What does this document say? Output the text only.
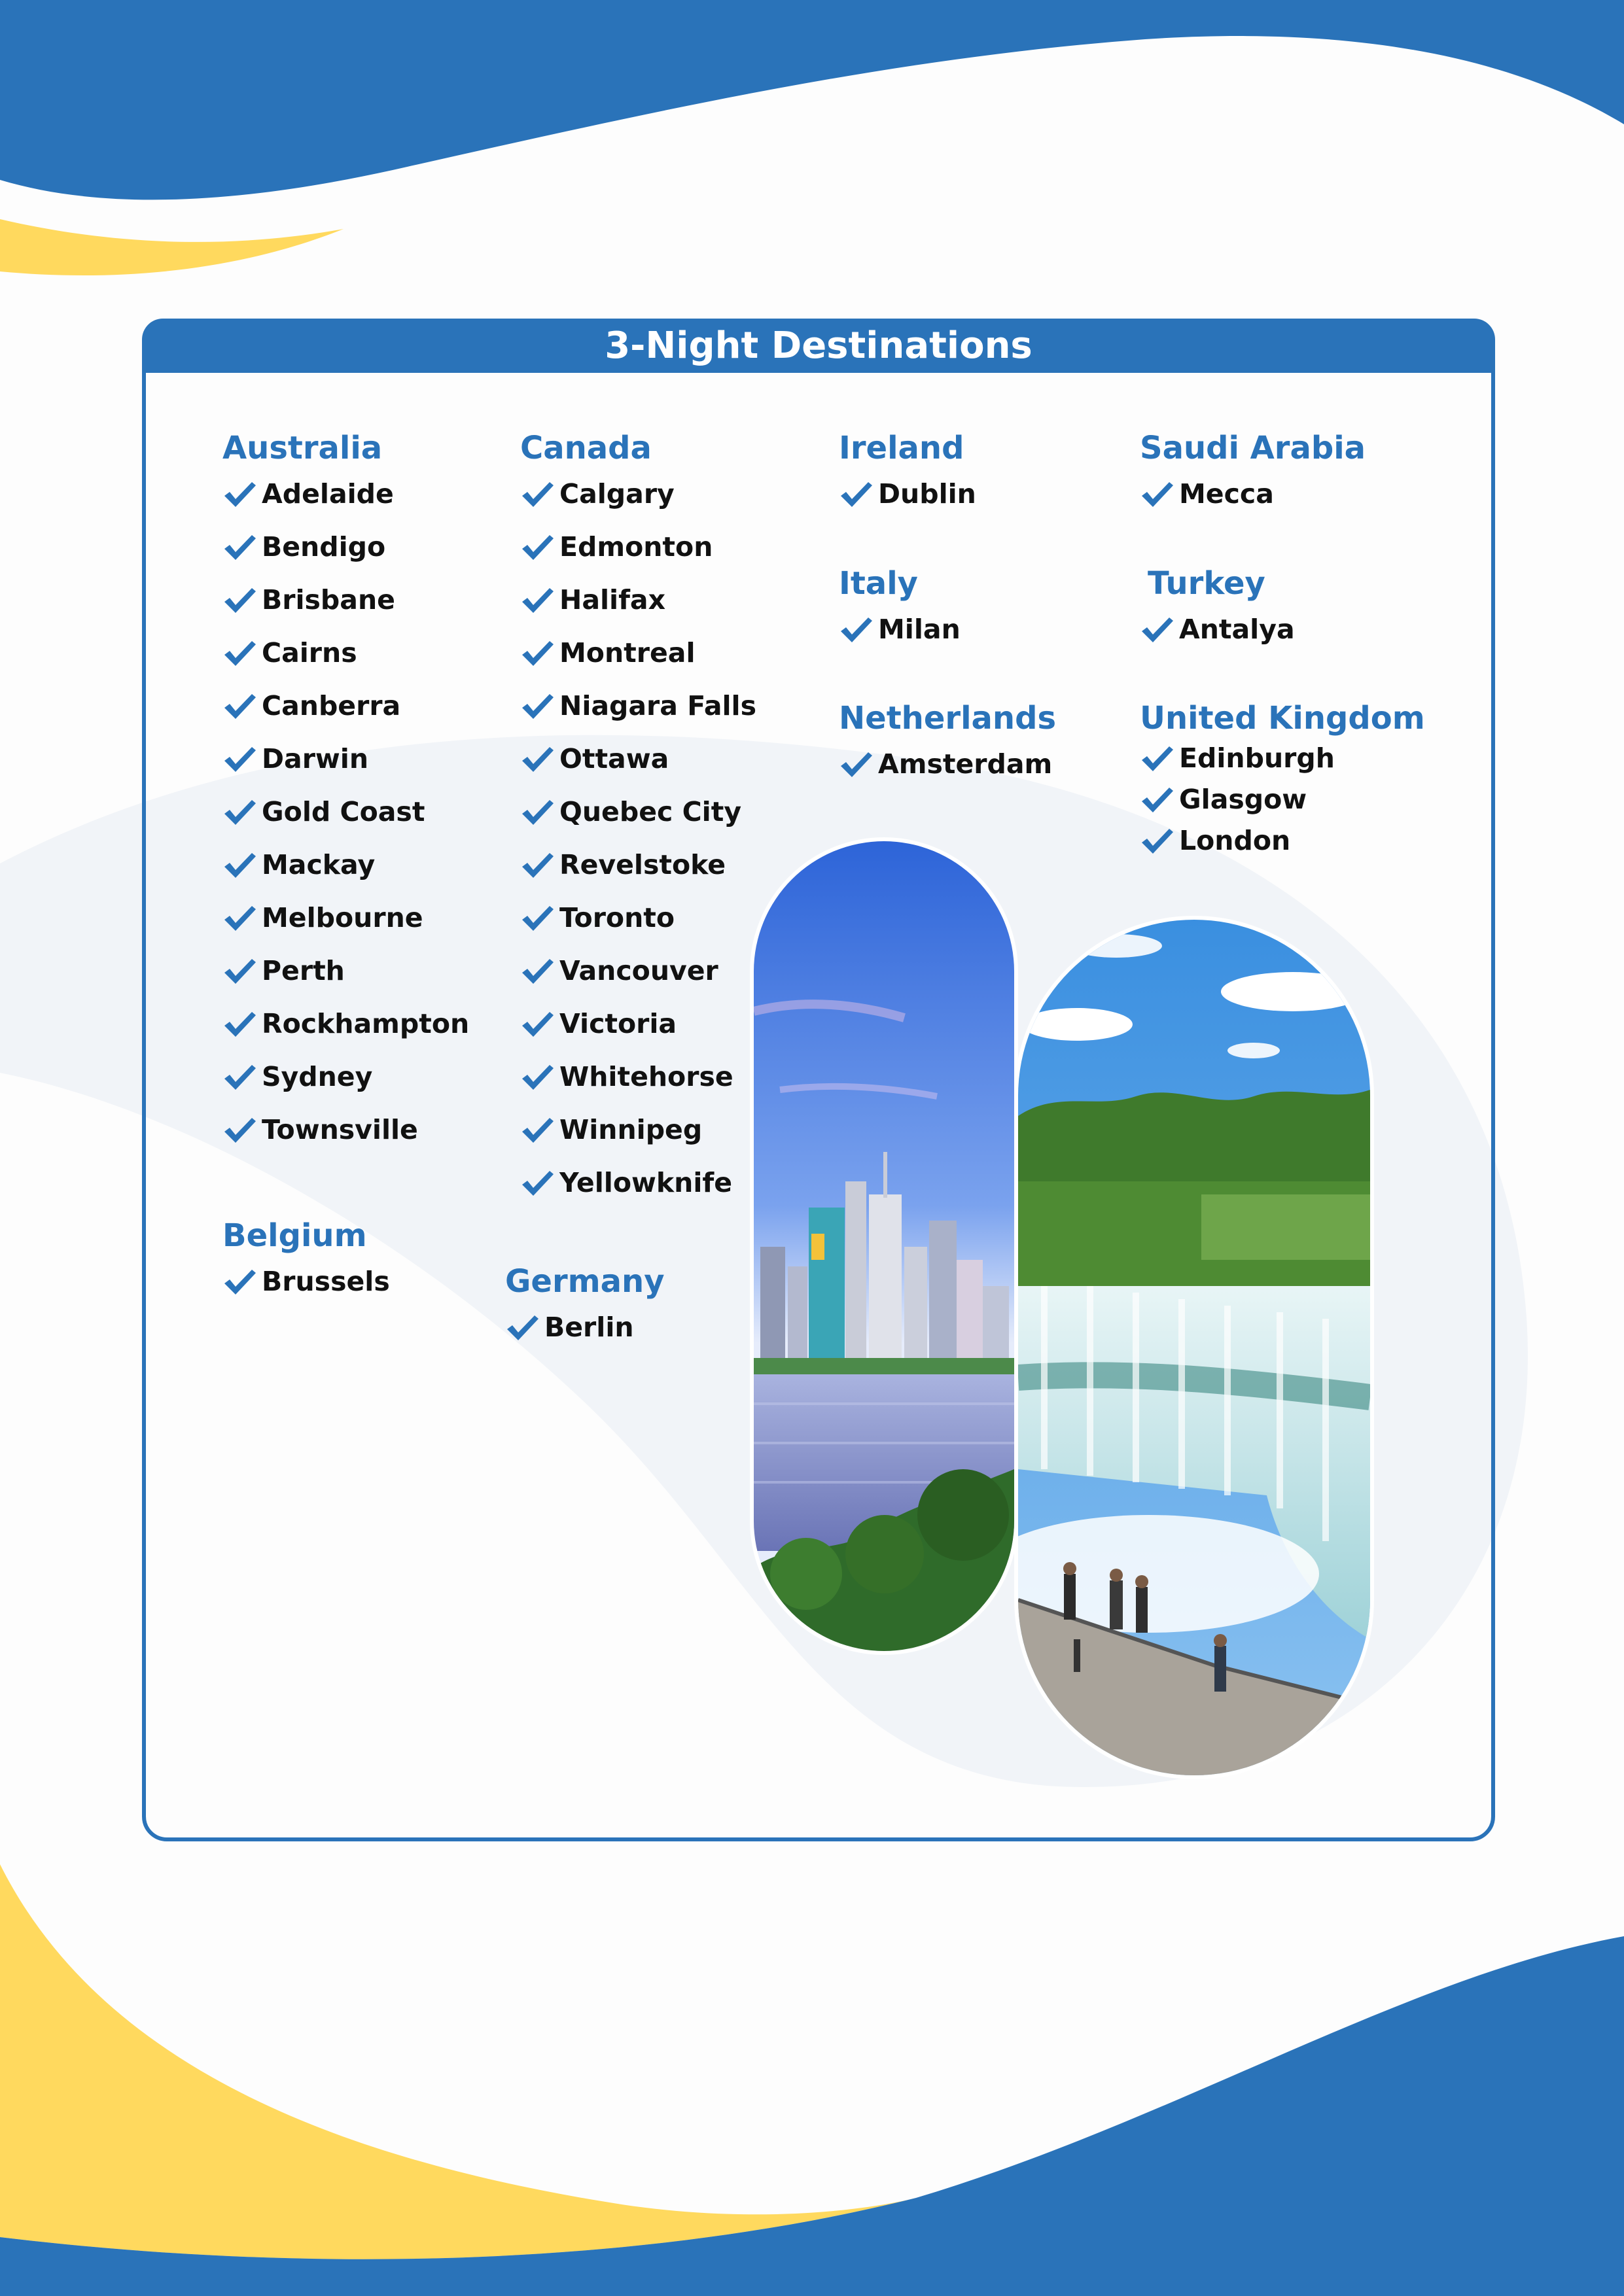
3-Night Destinations
Australia
Adelaide
Bendigo
Brisbane
Cairns
Canberra
Darwin
Gold Coast
Mackay
Melbourne
Perth
Rockhampton
Sydney
Townsville
Belgium
Brussels
Canada
Calgary
Edmonton
Halifax
Montreal
Niagara Falls
Ottawa
Quebec City
Revelstoke
Toronto
Vancouver
Victoria
Whitehorse
Winnipeg
Yellowknife
Germany
Berlin
Ireland
Dublin
Italy
Milan
Netherlands
Amsterdam
Saudi Arabia
Mecca
Turkey
Antalya
United Kingdom
Edinburgh
Glasgow
London
